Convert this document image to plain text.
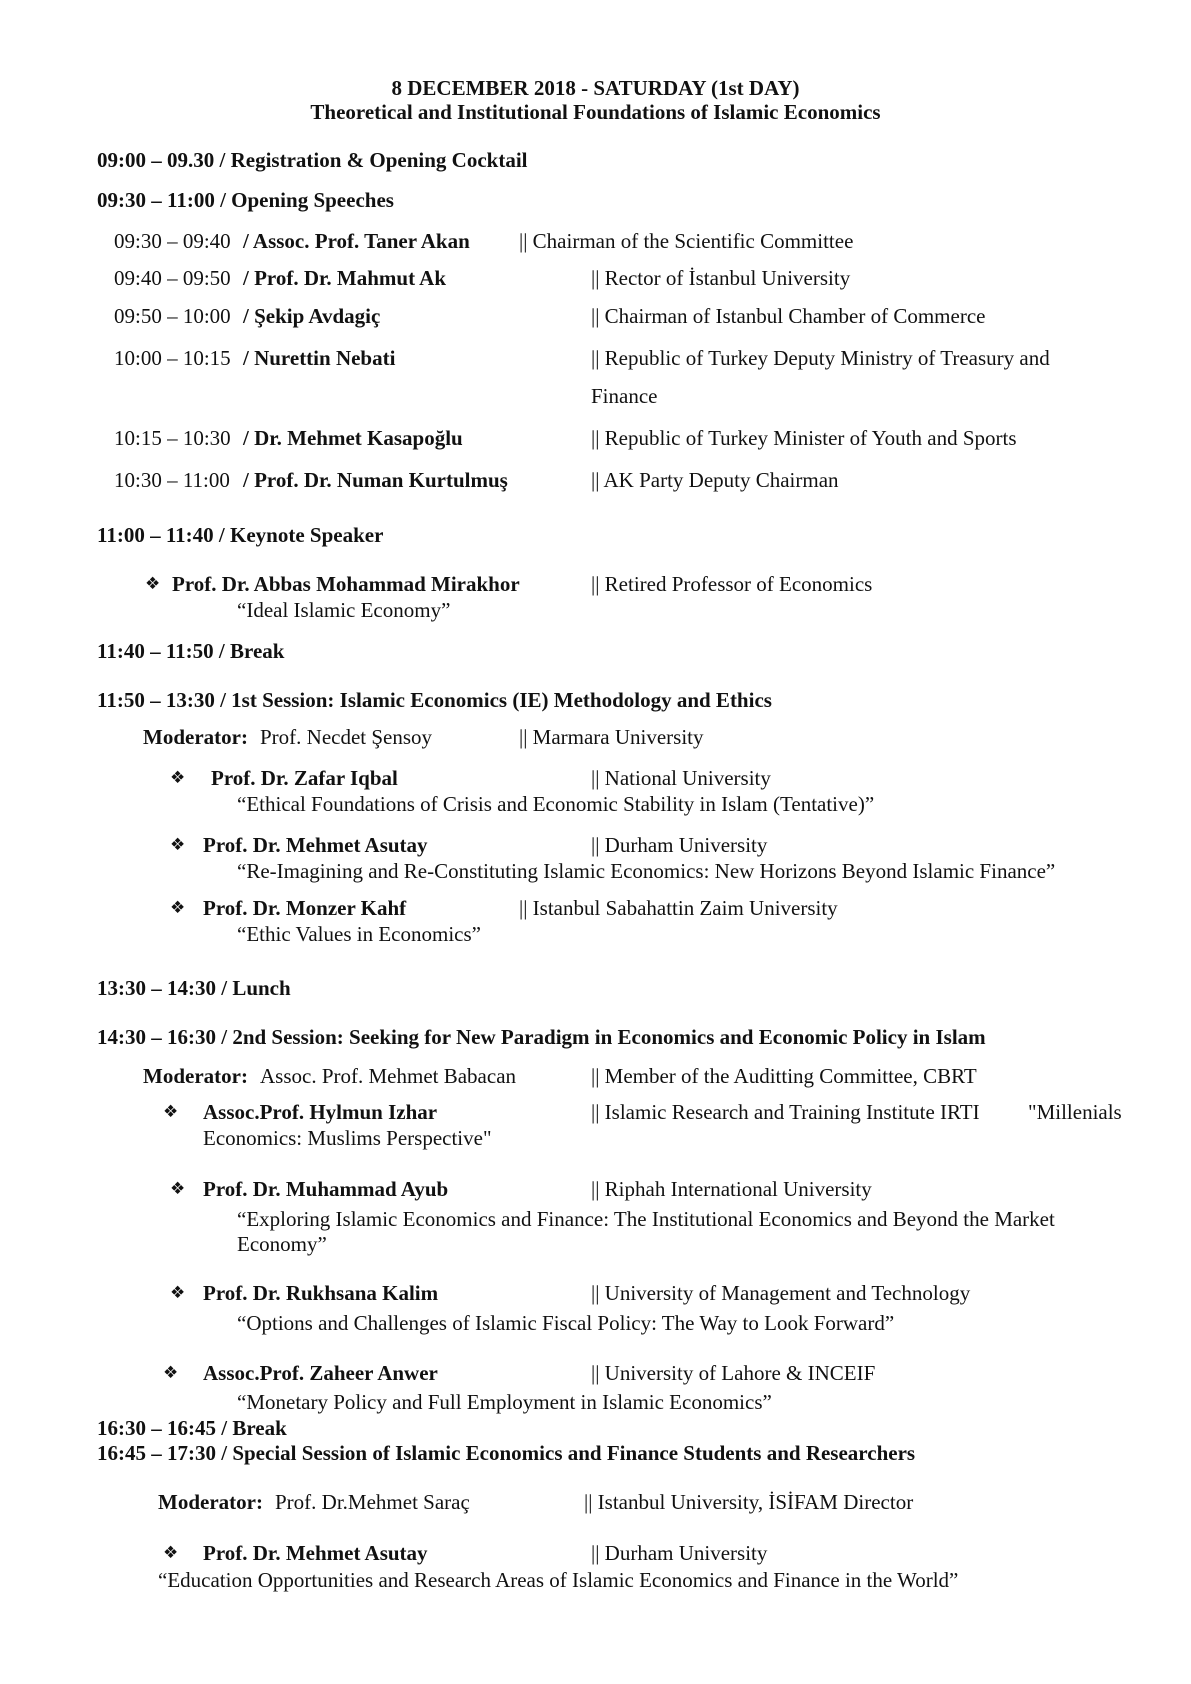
8 DECEMBER 2018 - SATURDAY (1st DAY)
Theoretical and Institutional Foundations of Islamic Economics
09:00 – 09.30 / Registration & Opening Cocktail
09:30 – 11:00 / Opening Speeches
09:30 – 09:40 / Assoc. Prof. Taner Akan || Chairman of the Scientific Committee
09:40 – 09:50 / Prof. Dr. Mahmut Ak	|| Rector of İstanbul University
09:50 – 10:00 / Şekip Avdagiç	|| Chairman of Istanbul Chamber of Commerce
10:00 – 10:15 / Nurettin Nebati	|| Republic of Turkey Deputy Ministry of Treasury and
Finance
10:15 – 10:30 / Dr. Mehmet Kasapoğlu	|| Republic of Turkey Minister of Youth and Sports
10:30 – 11:00 / Prof. Dr. Numan Kurtulmuş	|| AK Party Deputy Chairman
11:00 – 11:40 / Keynote Speaker
❖ Prof. Dr. Abbas Mohammad Mirakhor	|| Retired Professor of Economics
“Ideal Islamic Economy”
11:40 – 11:50 / Break
11:50 – 13:30 / 1st Session: Islamic Economics (IE) Methodology and Ethics
Moderator: Prof. Necdet Şensoy	|| Marmara University
❖ Prof. Dr. Zafar Iqbal	|| National University
“Ethical Foundations of Crisis and Economic Stability in Islam (Tentative)”
❖ Prof. Dr. Mehmet Asutay	|| Durham University
“Re-Imagining and Re-Constituting Islamic Economics: New Horizons Beyond Islamic Finance”
❖ Prof. Dr. Monzer Kahf	|| Istanbul Sabahattin Zaim University
“Ethic Values in Economics”
13:30 – 14:30 / Lunch
14:30 – 16:30 / 2nd Session: Seeking for New Paradigm in Economics and Economic Policy in Islam
Moderator: Assoc. Prof. Mehmet Babacan	|| Member of the Auditting Committee, CBRT
❖ Assoc.Prof. Hylmun Izhar	|| Islamic Research and Training Institute IRTI "Millenials
Economics: Muslims Perspective"
❖ Prof. Dr. Muhammad Ayub	|| Riphah International University
“Exploring Islamic Economics and Finance: The Institutional Economics and Beyond the Market
Economy”
❖ Prof. Dr. Rukhsana Kalim	|| University of Management and Technology
“Options and Challenges of Islamic Fiscal Policy: The Way to Look Forward”
❖ Assoc.Prof. Zaheer Anwer	|| University of Lahore & INCEIF
“Monetary Policy and Full Employment in Islamic Economics”
16:30 – 16:45 / Break
16:45 – 17:30 / Special Session of Islamic Economics and Finance Students and Researchers
Moderator: Prof. Dr.Mehmet Saraç	|| Istanbul University, İSİFAM Director
❖ Prof. Dr. Mehmet Asutay	|| Durham University
“Education Opportunities and Research Areas of Islamic Economics and Finance in the World”
